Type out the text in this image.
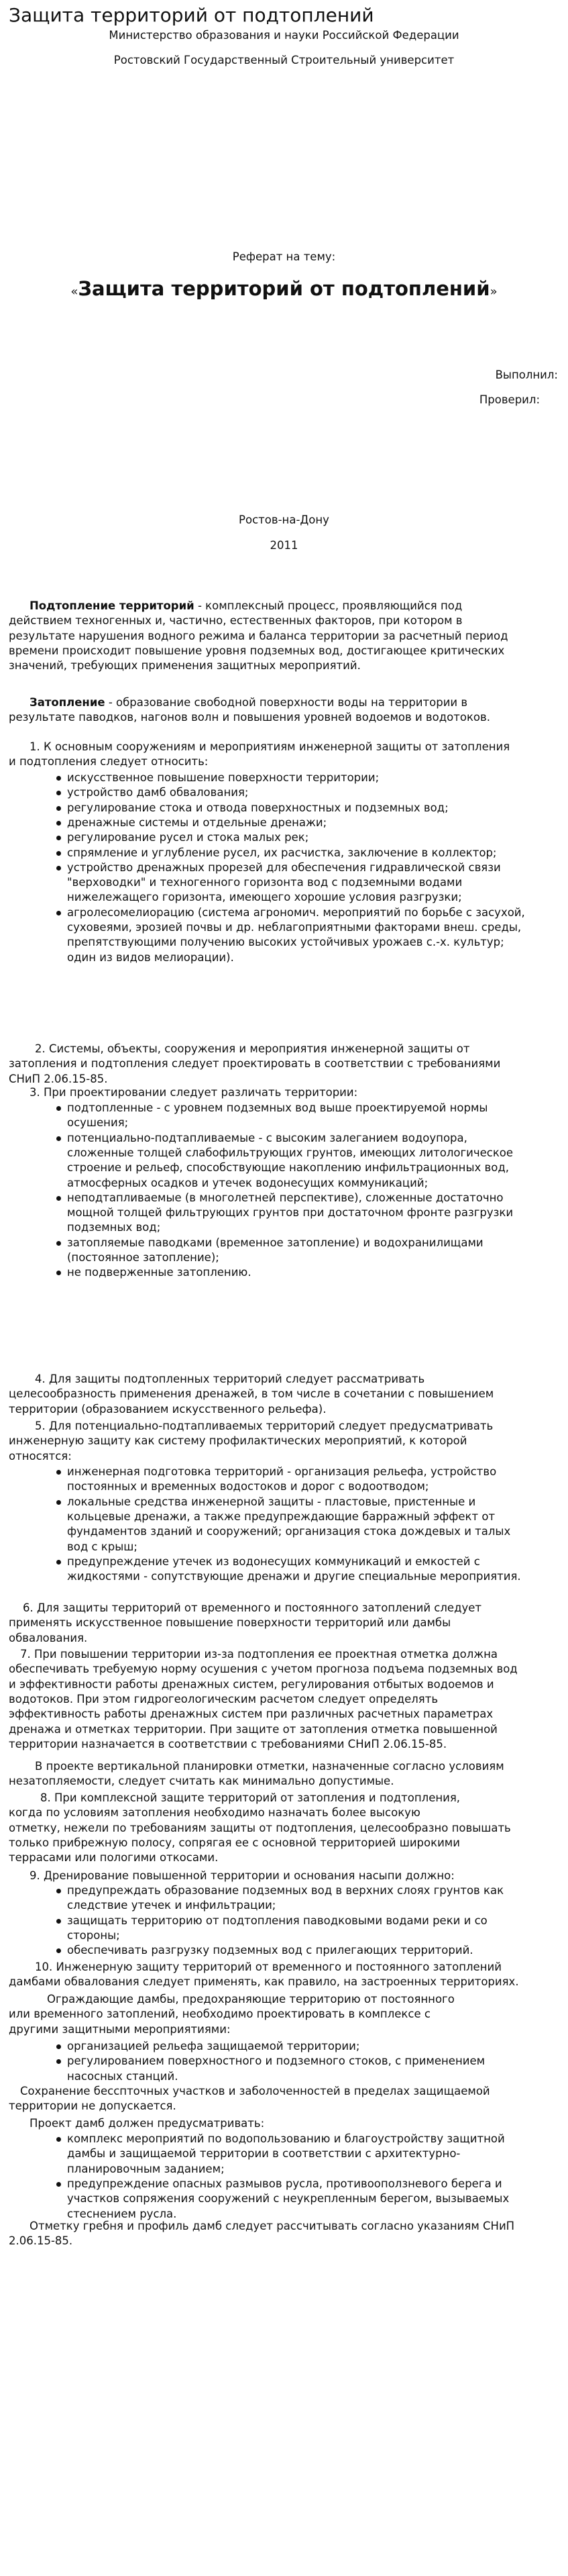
Защита территорий от подтоплений
Министерство образования и науки Российской Федерации
Ростовский Государственный Строительный университет
Реферат на тему:
«Защита территорий от подтоплений»
Выполнил:
Проверил:
Ростов-на-Дону
2011
Подтопление территорий - комплексный процесс, проявляющийся под
действием техногенных и, частично, естественных факторов, при котором в
результате нарушения водного режима и баланса территории за расчетный период
времени происходит повышение уровня подземных вод, достигающее критических
значений, требующих применения защитных мероприятий.
Затопление - образование свободной поверхности воды на территории в
результате паводков, нагонов волн и повышения уровней водоемов и водотоков.
1. К основным сооружениям и мероприятиям инженерной защиты от затопления
и подтопления следует относить:
искусственное повышение поверхности территории;
устройство дамб обвалования;
регулирование стока и отвода поверхностных и подземных вод;
дренажные системы и отдельные дренажи;
регулирование русел и стока малых рек;
спрямление и углубление русел, их расчистка, заключение в коллектор;
устройство дренажных прорезей для обеспечения гидравлической связи
"верховодки" и техногенного горизонта вод с подземными водами
нижележащего горизонта, имеющего хорошие условия разгрузки;
агролесомелиорацию (система агрономич. мероприятий по борьбе с засухой,
суховеями, эрозией почвы и др. неблагоприятными факторами внеш. среды,
препятствующими получению высоких устойчивых урожаев с.-х. культур;
один из видов мелиорации).
2. Системы, объекты, сооружения и мероприятия инженерной защиты от
затопления и подтопления следует проектировать в соответствии с требованиями
СНиП 2.06.15-85.
3. При проектировании следует различать территории:
подтопленные - с уровнем подземных вод выше проектируемой нормы
осушения;
потенциально-подтапливаемые - с высоким залеганием водоупора,
сложенные толщей слабофильтрующих грунтов, имеющих литологическое
строение и рельеф, способствующие накоплению инфильтрационных вод,
атмосферных осадков и утечек водонесущих коммуникаций;
неподтапливаемые (в многолетней перспективе), сложенные достаточно
мощной толщей фильтрующих грунтов при достаточном фронте разгрузки
подземных вод;
затопляемые паводками (временное затопление) и водохранилищами
(постоянное затопление);
не подверженные затоплению.
4. Для защиты подтопленных территорий следует рассматривать
целесообразность применения дренажей, в том числе в сочетании с повышением
территории (образованием искусственного рельефа).
5. Для потенциально-подтапливаемых территорий следует предусматривать
инженерную защиту как систему профилактических мероприятий, к которой
относятся:
инженерная подготовка территорий - организация рельефа, устройство
постоянных и временных водостоков и дорог с водоотводом;
локальные средства инженерной защиты - пластовые, пристенные и
кольцевые дренажи, а также предупреждающие барражный эффект от
фундаментов зданий и сооружений; организация стока дождевых и талых
вод с крыш;
предупреждение утечек из водонесущих коммуникаций и емкостей с
жидкостями - сопутствующие дренажи и другие специальные мероприятия.
6. Для защиты территорий от временного и постоянного затоплений следует
применять искусственное повышение поверхности территорий или дамбы
обвалования.
7. При повышении территории из-за подтопления ее проектная отметка должна
обеспечивать требуемую норму осушения с учетом прогноза подъема подземных вод
и эффективности работы дренажных систем, регулирования отбытых водоемов и
водотоков. При этом гидрогеологическим расчетом следует определять
эффективность работы дренажных систем при различных расчетных параметрах
дренажа и отметках территории. При защите от затопления отметка повышенной
территории назначается в соответствии с требованиями СНиП 2.06.15-85.
В проекте вертикальной планировки отметки, назначенные согласно условиям
незатопляемости, следует считать как минимально допустимые.
8. При комплексной защите территорий от затопления и подтопления,
когда по условиям затопления необходимо назначать более высокую
отметку, нежели по требованиям защиты от подтопления, целесообразно повышать
только прибрежную полосу, сопрягая ее с основной территорией широкими
террасами или пологими откосами.
9. Дренирование повышенной территории и основания насыпи должно:
предупреждать образование подземных вод в верхних слоях грунтов как
следствие утечек и инфильтрации;
защищать территорию от подтопления паводковыми водами реки и со
стороны;
обеспечивать разгрузку подземных вод с прилегающих территорий.
10. Инженерную защиту территорий от временного и постоянного затоплений
дамбами обвалования следует применять, как правило, на застроенных территориях.
Ограждающие дамбы, предохраняющие территорию от постоянного
или временного затоплений, необходимо проектировать в комплексе с
другими защитными мероприятиями:
организацией рельефа защищаемой территории;
регулированием поверхностного и подземного стоков, с применением
насосных станций.
Сохранение бесспточных участков и заболоченностей в пределах защищаемой
территории не допускается.
Проект дамб должен предусматривать:
комплекс мероприятий по водопользованию и благоустройству защитной
дамбы и защищаемой территории в соответствии с архитектурно-
планировочным заданием;
предупреждение опасных размывов русла, противооползневого берега и
участков сопряжения сооружений с неукрепленным берегом, вызываемых
стеснением русла.
Отметку гребня и профиль дамб следует рассчитывать согласно указаниям СНиП
2.06.15-85.
